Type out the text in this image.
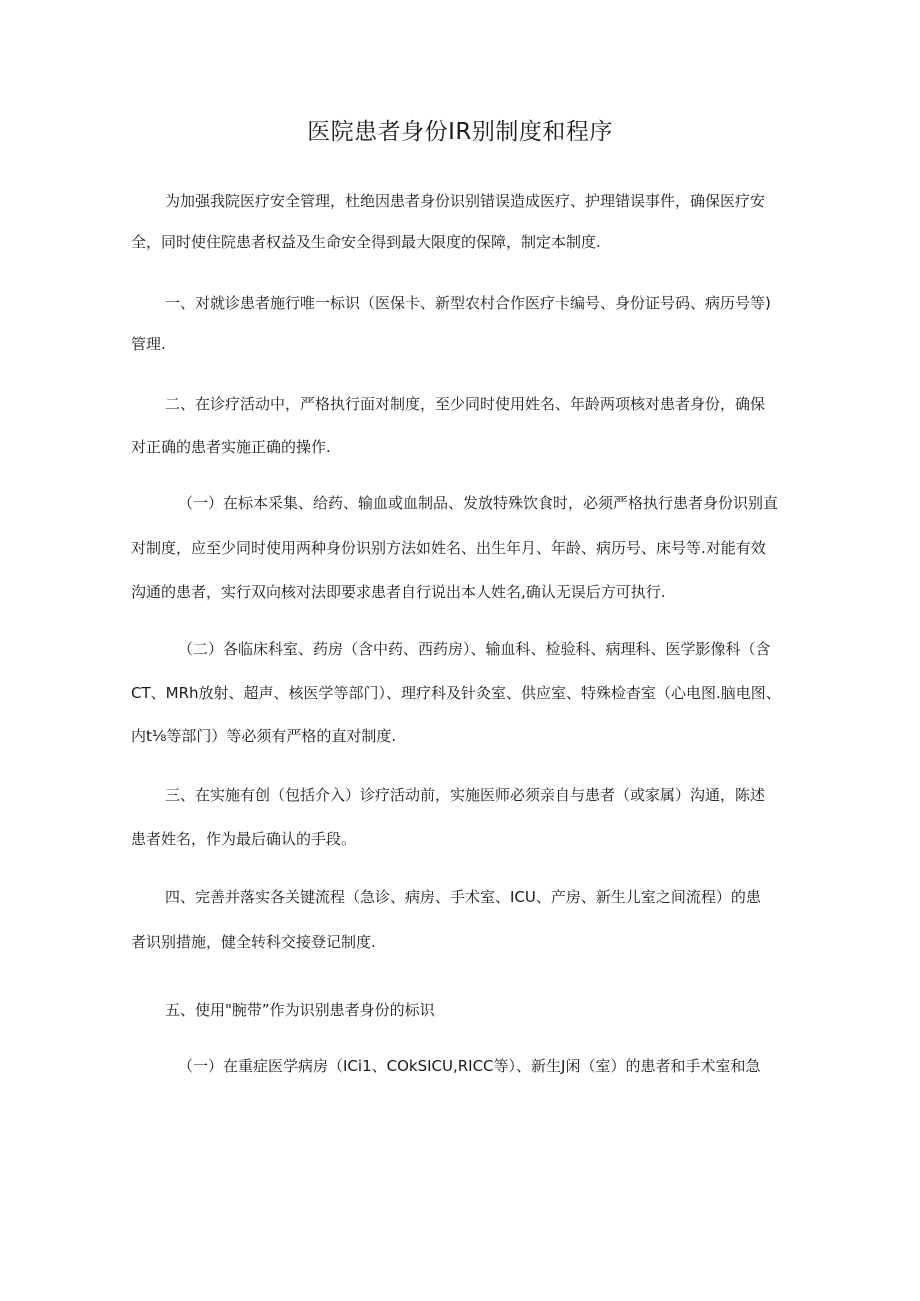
医院患者身份IR别制度和程序
为加强我院医疗安全管理，杜绝因患者身份识别错误造成医疗、护理错误事件，确保医疗安
全，同时使住院患者权益及生命安全得到最大限度的保障，制定本制度.
一、对就诊患者施行唯一标识（医保卡、新型农村合作医疗卡编号、身份证号码、病历号等)
管理.
二、在诊疗活动中，严格执行面对制度，至少同时使用姓名、年龄两项核对患者身份，确保
对正确的患者实施正确的操作.
（一）在标本采集、给药、输血或血制品、发放特殊饮食时，必须严格执行患者身份识别直
对制度，应至少同时使用两种身份识别方法如姓名、出生年月、年龄、病历号、床号等.对能有效
沟通的患者，实行双向核对法即要求患者自行说出本人姓名,确认无误后方可执行.
（二）各临床科室、药房（含中药、西药房）、输血科、检验科、病理科、医学影像科（含
CT、MRh放射、超声、核医学等部门）、理疗科及针灸室、供应室、特殊检杳室（心电图.脑电图、
内t⅛等部门）等必须有严格的直对制度.
三、在实施有创（包括介入）诊疗活动前，实施医师必须亲自与患者（或家属）沟通，陈述
患者姓名，作为最后确认的手段。
四、完善并落实各关键流程（急诊、病房、手术室、ICU、产房、新生儿室之间流程）的患
者识别措施，健全转科交接登记制度.
五、使用"腕带”作为识别患者身份的标识
（一）在重症医学病房（ICi1、COkSICU,RICC等）、新生J闲（室）的患者和手术室和急
